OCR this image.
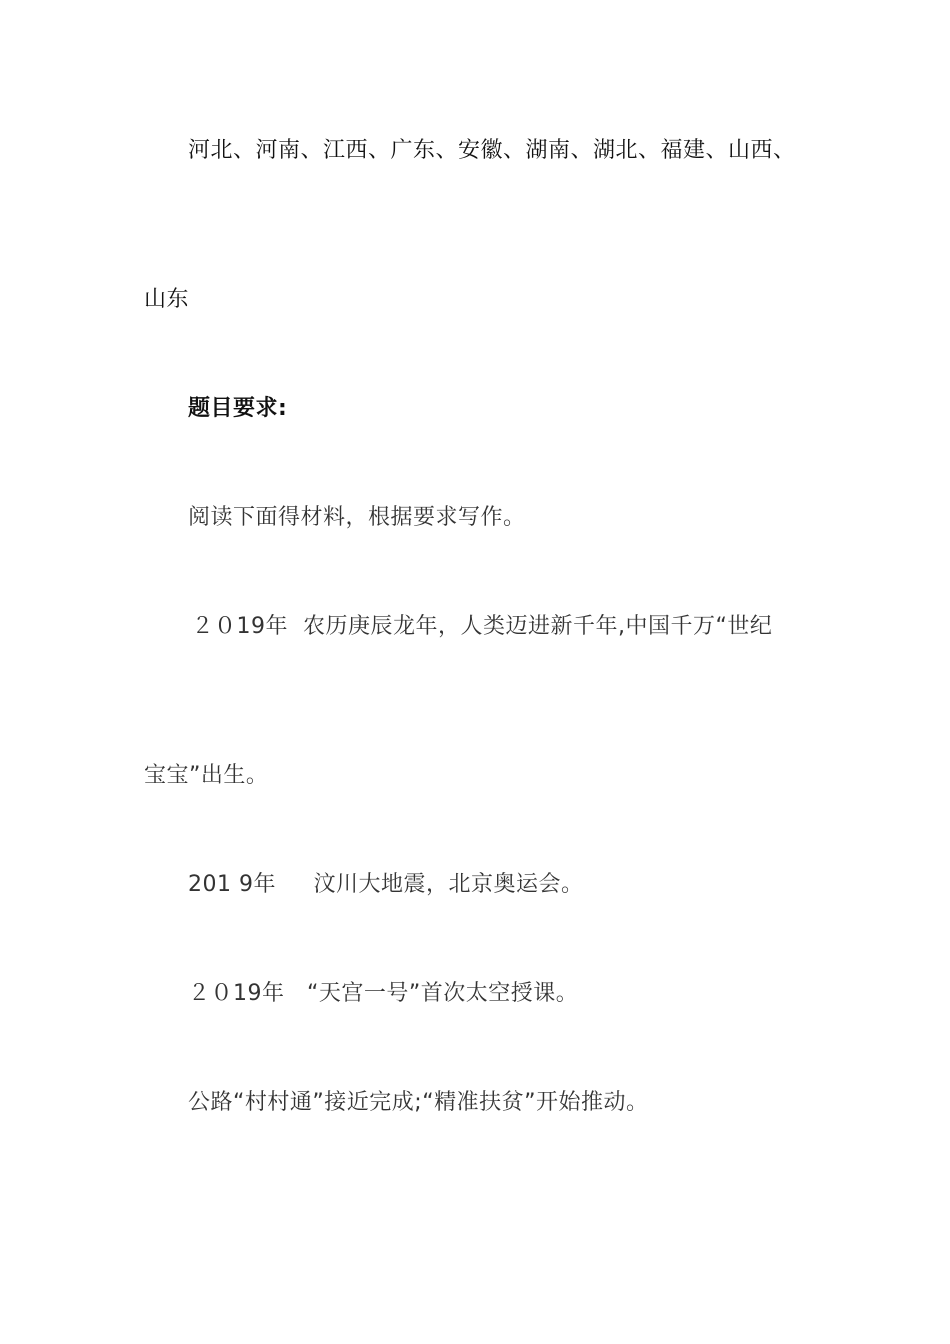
河北、河南、江西、广东、安徽、湖南、湖北、福建、山西、
山东
题目要求:
阅读下面得材料，根据要求写作。
２０19年  农历庚辰龙年，人类迈进新千年,中国千万“世纪
宝宝”出生。
201 9年     汶川大地震，北京奥运会。
２０19年   “天宫一号”首次太空授课。
公路“村村通”接近完成;“精准扶贫”开始推动。
